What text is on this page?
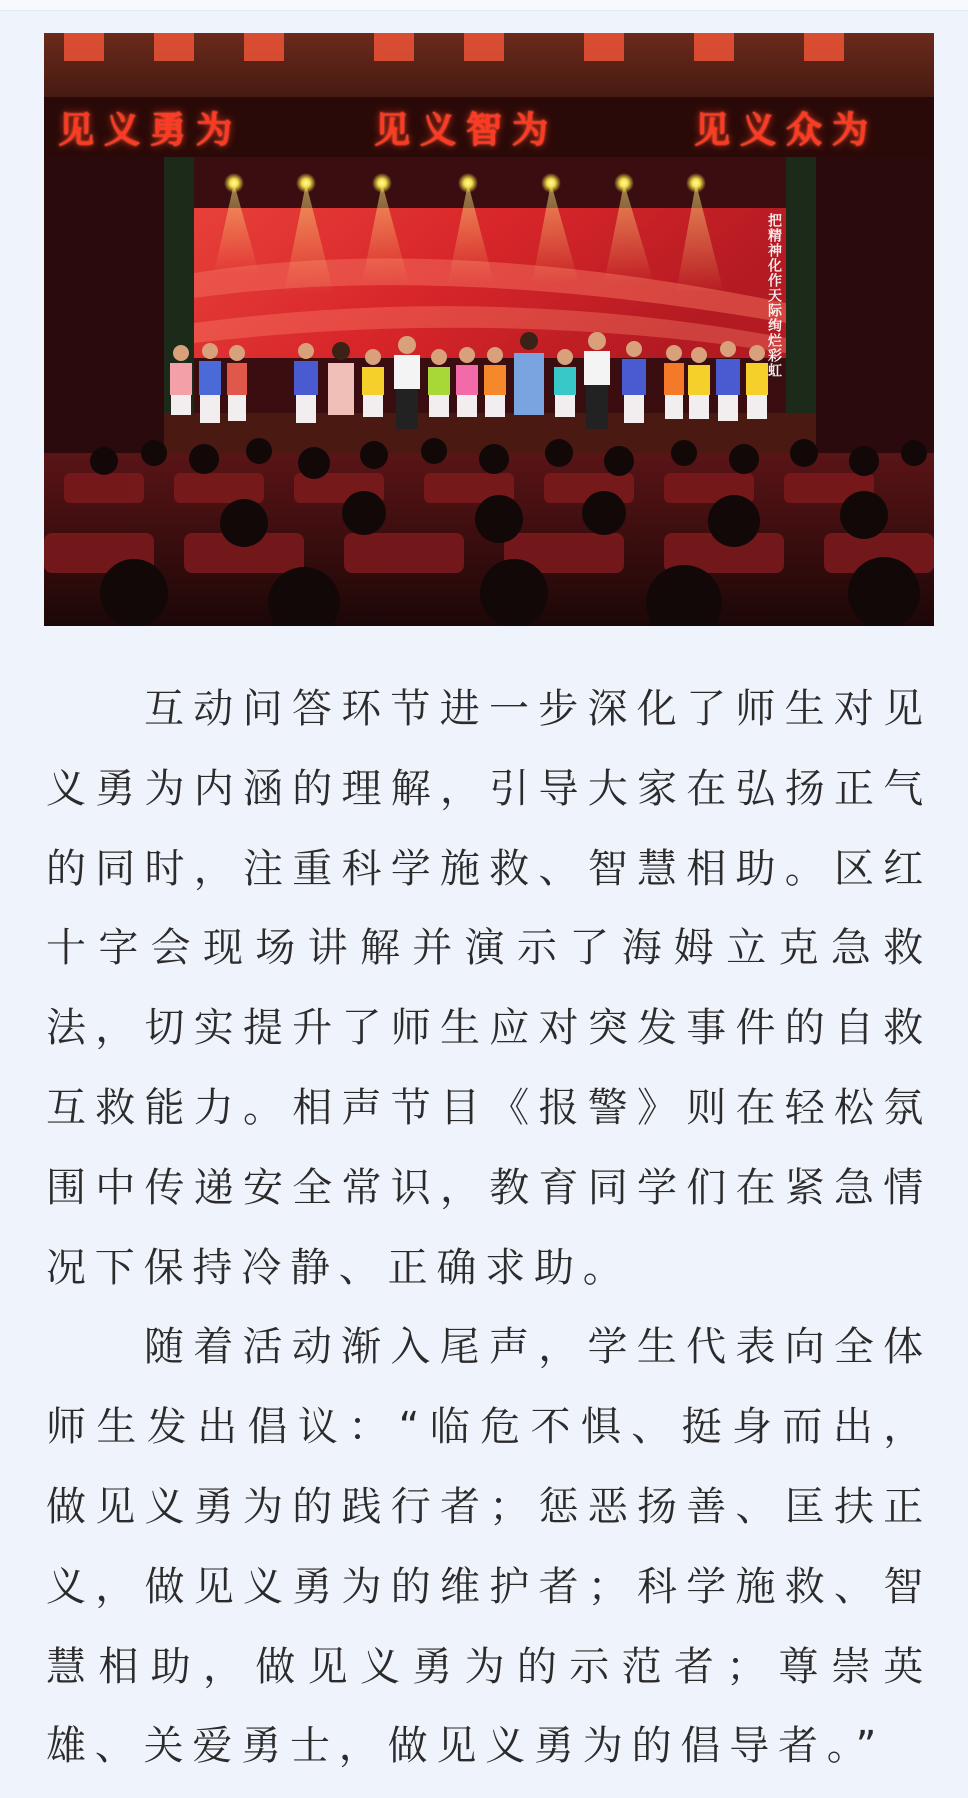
见义勇为	见义智为	见义众为
把精神化作天际绚烂彩虹

互动问答环节进一步深化了师生对见义勇为内涵的理解，引导大家在弘扬正气的同时，注重科学施救、智慧相助。区红十字会现场讲解并演示了海姆立克急救法，切实提升了师生应对突发事件的自救互救能力。相声节目《报警》则在轻松氛围中传递安全常识，教育同学们在紧急情况下保持冷静、正确求助。

随着活动渐入尾声，学生代表向全体师生发出倡议：“临危不惧、挺身而出，做见义勇为的践行者；惩恶扬善、匡扶正义，做见义勇为的维护者；科学施救、智慧相助，做见义勇为的示范者；尊崇英雄、关爱勇士，做见义勇为的倡导者。”
